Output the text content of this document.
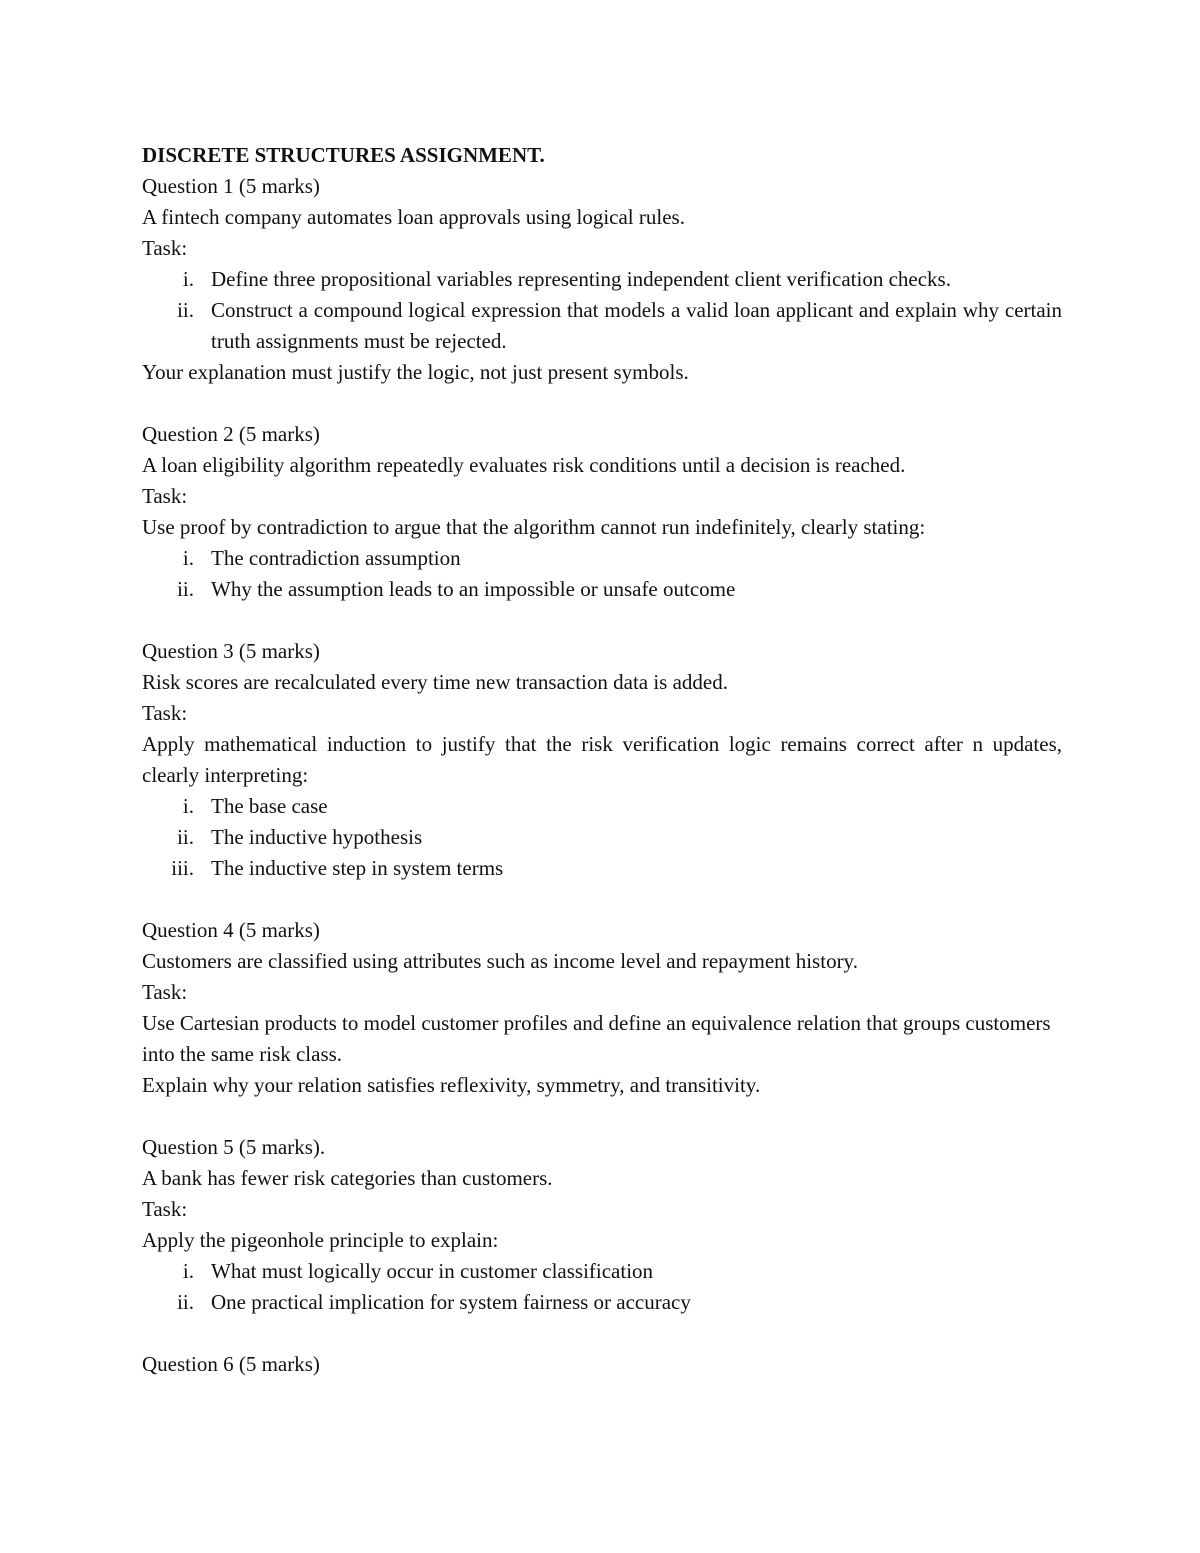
DISCRETE STRUCTURES ASSIGNMENT.

Question 1 (5 marks)

A fintech company automates loan approvals using logical rules.

Task:

i. Define three propositional variables representing independent client verification checks.
ii. Construct a compound logical expression that models a valid loan applicant and explain why certain truth assignments must be rejected.

Your explanation must justify the logic, not just present symbols.

Question 2 (5 marks)

A loan eligibility algorithm repeatedly evaluates risk conditions until a decision is reached.

Task:

Use proof by contradiction to argue that the algorithm cannot run indefinitely, clearly stating:

i. The contradiction assumption
ii. Why the assumption leads to an impossible or unsafe outcome

Question 3 (5 marks)

Risk scores are recalculated every time new transaction data is added.

Task:

Apply mathematical induction to justify that the risk verification logic remains correct after n updates, clearly interpreting:

i. The base case
ii. The inductive hypothesis
iii. The inductive step in system terms

Question 4 (5 marks)

Customers are classified using attributes such as income level and repayment history.

Task:

Use Cartesian products to model customer profiles and define an equivalence relation that groups customers into the same risk class.

Explain why your relation satisfies reflexivity, symmetry, and transitivity.

Question 5 (5 marks).

A bank has fewer risk categories than customers.

Task:

Apply the pigeonhole principle to explain:

i. What must logically occur in customer classification
ii. One practical implication for system fairness or accuracy

Question 6 (5 marks)
